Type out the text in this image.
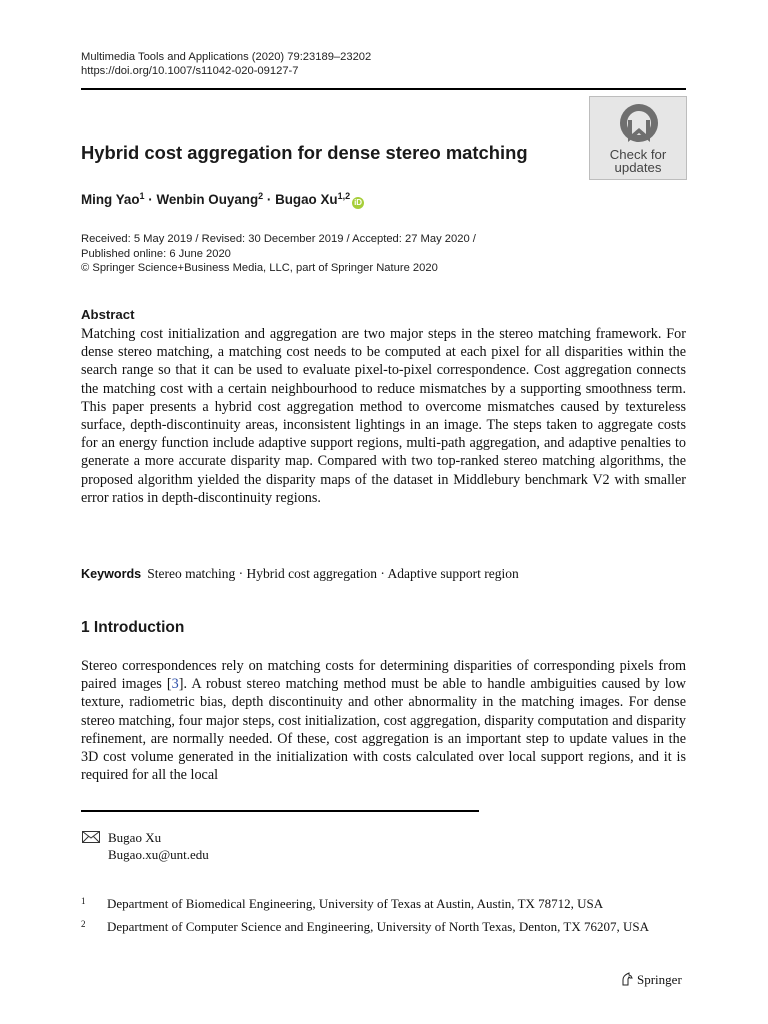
Multimedia Tools and Applications (2020) 79:23189–23202
https://doi.org/10.1007/s11042-020-09127-7
Check for
updates
Hybrid cost aggregation for dense stereo matching
Ming Yao$^1$ · Wenbin Ouyang$^2$ · Bugao Xu$^{1,2}$iD
Received: 5 May 2019 / Revised: 30 December 2019 / Accepted: 27 May 2020 /
Published online: 6 June 2020
© Springer Science+Business Media, LLC, part of Springer Nature 2020
Abstract
Matching cost initialization and aggregation are two major steps in the stereo matching framework. For dense stereo matching, a matching cost needs to be computed at each pixel for all disparities within the search range so that it can be used to evaluate pixel-to-pixel correspondence. Cost aggregation connects the matching cost with a certain neighbourhood to reduce mismatches by a supporting smoothness term. This paper presents a hybrid cost aggregation method to overcome mismatches caused by textureless surface, depth-discontinuity areas, inconsistent lightings in an image. The steps taken to aggregate costs for an energy function include adaptive support regions, multi-path aggregation, and adaptive penalties to generate a more accurate disparity map. Compared with two top-ranked stereo matching algorithms, the proposed algorithm yielded the disparity maps of the dataset in Middlebury benchmark V2 with smaller error ratios in depth-discontinuity regions.
Keywords Stereo matching · Hybrid cost aggregation · Adaptive support region
1 Introduction
Stereo correspondences rely on matching costs for determining disparities of corresponding pixels from paired images [3]. A robust stereo matching method must be able to handle ambiguities caused by low texture, radiometric bias, depth discontinuity and other abnormality in the matching images. For dense stereo matching, four major steps, cost initialization, cost aggregation, disparity computation and disparity refinement, are normally needed. Of these, cost aggregation is an important step to update values in the 3D cost volume generated in the initialization with costs calculated over local support regions, and it is required for all the local
Bugao Xu
Bugao.xu@unt.edu
1 Department of Biomedical Engineering, University of Texas at Austin, Austin, TX 78712, USA
2 Department of Computer Science and Engineering, University of North Texas, Denton, TX 76207, USA
Springer
